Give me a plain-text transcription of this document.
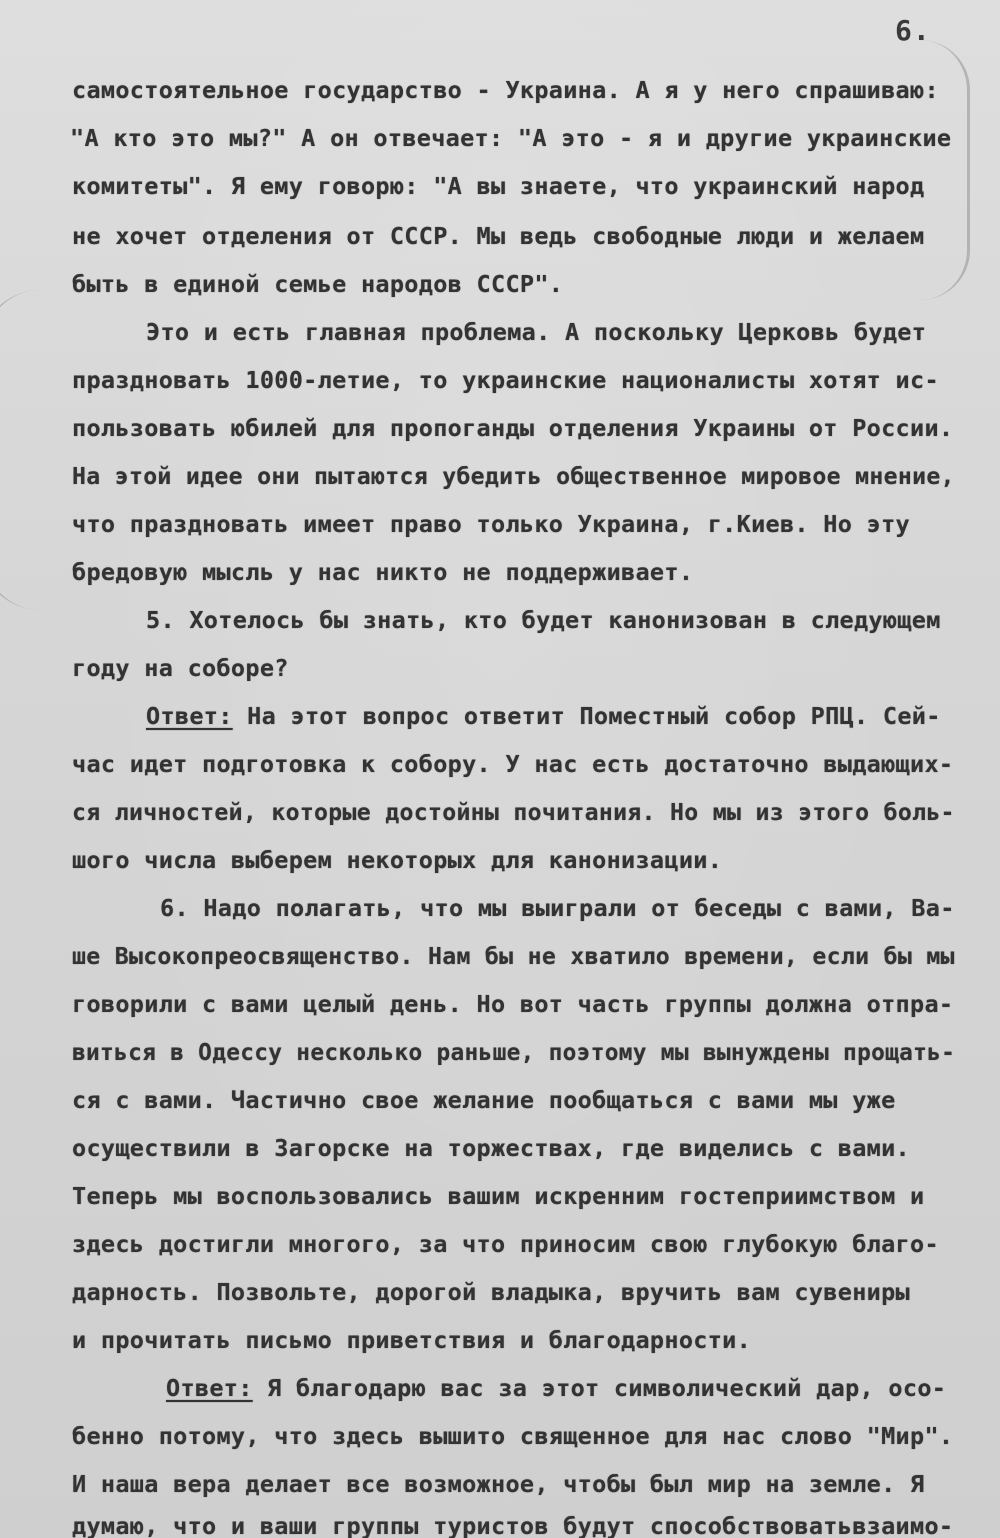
6.
самостоятельное государство - Украина. А я у него спрашиваю:
"А кто это мы?" А он отвечает: "А это - я и другие украинские
комитеты". Я ему говорю: "А вы знаете, что украинский народ
не хочет отделения от СССР. Мы ведь свободные люди и желаем
быть в единой семье народов СССР".
Это и есть главная проблема. А поскольку Церковь будет
праздновать 1000-летие, то украинские националисты хотят ис-
пользовать юбилей для пропоганды отделения Украины от России.
На этой идее они пытаются убедить общественное мировое мнение,
что праздновать имеет право только Украина, г.Киев. Но эту
бредовую мысль у нас никто не поддерживает.
5. Хотелось бы знать, кто будет канонизован в следующем
году на соборе?
Ответ: На этот вопрос ответит Поместный собор РПЦ. Сей-
час идет подготовка к собору. У нас есть достаточно выдающих-
ся личностей, которые достойны почитания. Но мы из этого боль-
шого числа выберем некоторых для канонизации.
6. Надо полагать, что мы выиграли от беседы с вами, Ва-
ше Высокопреосвященство. Нам бы не хватило времени, если бы мы
говорили с вами целый день. Но вот часть группы должна отпра-
виться в Одессу несколько раньше, поэтому мы вынуждены прощать-
ся с вами. Частично свое желание пообщаться с вами мы уже
осуществили в Загорске на торжествах, где виделись с вами.
Теперь мы воспользовались вашим искренним гостеприимством и
здесь достигли многого, за что приносим свою глубокую благо-
дарность. Позвольте, дорогой владыка, вручить вам сувениры
и прочитать письмо приветствия и благодарности.
Ответ: Я благодарю вас за этот символический дар, осо-
бенно потому, что здесь вышито священное для нас слово "Мир".
И наша вера делает все возможное, чтобы был мир на земле. Я
думаю, что и ваши группы туристов будут способствоватьвзаимо-
